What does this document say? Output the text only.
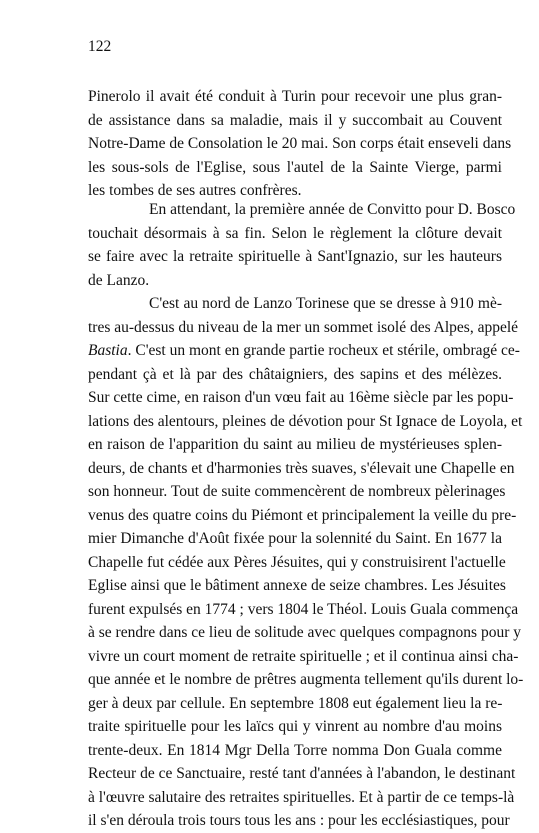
122
Pinerolo il avait été conduit à Turin pour recevoir une plus gran-
de assistance dans sa maladie, mais il y succombait au Couvent
Notre-Dame de Consolation le 20 mai. Son corps était enseveli dans
les sous-sols de l'Eglise, sous l'autel de la Sainte Vierge, parmi
les tombes de ses autres confrères.
En attendant, la première année de Convitto pour D. Bosco
touchait désormais à sa fin. Selon le règlement la clôture devait
se faire avec la retraite spirituelle à Sant'Ignazio, sur les hauteurs
de Lanzo.
C'est au nord de Lanzo Torinese que se dresse à 910 mè-
tres au-dessus du niveau de la mer un sommet isolé des Alpes, appelé
Bastia. C'est un mont en grande partie rocheux et stérile, ombragé ce-
pendant çà et là par des châtaigniers, des sapins et des mélèzes.
Sur cette cime, en raison d'un vœu fait au 16ème siècle par les popu-
lations des alentours, pleines de dévotion pour St Ignace de Loyola, et
en raison de l'apparition du saint au milieu de mystérieuses splen-
deurs, de chants et d'harmonies très suaves, s'élevait une Chapelle en
son honneur. Tout de suite commencèrent de nombreux pèlerinages
venus des quatre coins du Piémont et principalement la veille du pre-
mier Dimanche d'Août fixée pour la solennité du Saint. En 1677 la
Chapelle fut cédée aux Pères Jésuites, qui y construisirent l'actuelle
Eglise ainsi que le bâtiment annexe de seize chambres. Les Jésuites
furent expulsés en 1774 ; vers 1804 le Théol. Louis Guala commença
à se rendre dans ce lieu de solitude avec quelques compagnons pour y
vivre un court moment de retraite spirituelle ; et il continua ainsi cha-
que année et le nombre de prêtres augmenta tellement qu'ils durent lo-
ger à deux par cellule. En septembre 1808 eut également lieu la re-
traite spirituelle pour les laïcs qui y vinrent au nombre d'au moins
trente-deux. En 1814 Mgr Della Torre nomma Don Guala comme
Recteur de ce Sanctuaire, resté tant d'années à l'abandon, le destinant
à l'œuvre salutaire des retraites spirituelles. Et à partir de ce temps-là
il s'en déroula trois tours tous les ans : pour les ecclésiastiques, pour
